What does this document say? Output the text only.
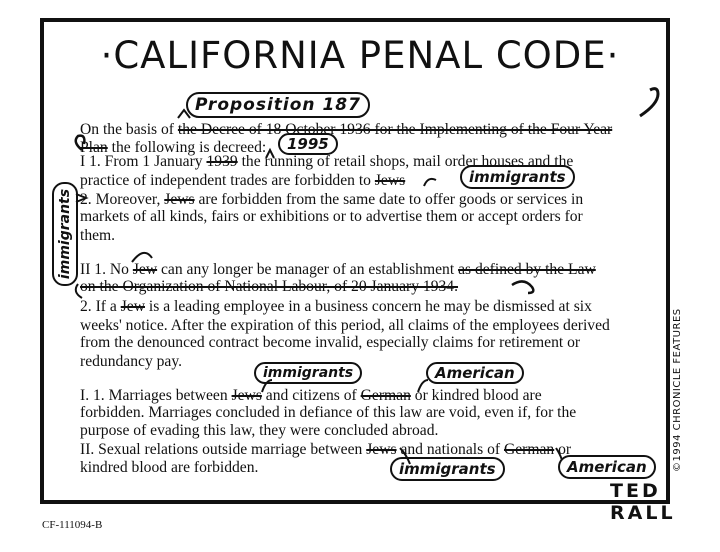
·CALIFORNIA PENAL CODE·
Proposition 187
1995
immigrants
immigrants
immigrants	American
immigrants	American
On the basis of the Decree of 18 October 1936 for the Implementing of the Four Year
Plan the following is decreed:
I 1. From 1 January 1939 the running of retail shops, mail order houses and the
practice of independent trades are forbidden to Jews
2. Moreover, Jews are forbidden from the same date to offer goods or services in
markets of all kinds, fairs or exhibitions or to advertise them or accept orders for
them.
II 1. No Jew can any longer be manager of an establishment as defined by the Law
on the Organization of National Labour, of 20 January 1934.
2. If a Jew is a leading employee in a business concern he may be dismissed at six
weeks' notice. After the expiration of this period, all claims of the employees derived
from the denounced contract become invalid, especially claims for retirement or
redundancy pay.
I. 1. Marriages between Jews and citizens of German or kindred blood are
forbidden. Marriages concluded in defiance of this law are void, even if, for the
purpose of evading this law, they were concluded abroad.
II. Sexual relations outside marriage between Jews and nationals of German or
kindred blood are forbidden.	©1994 CHRONICLE FEATURES
TED RALL
CF-111094-B
